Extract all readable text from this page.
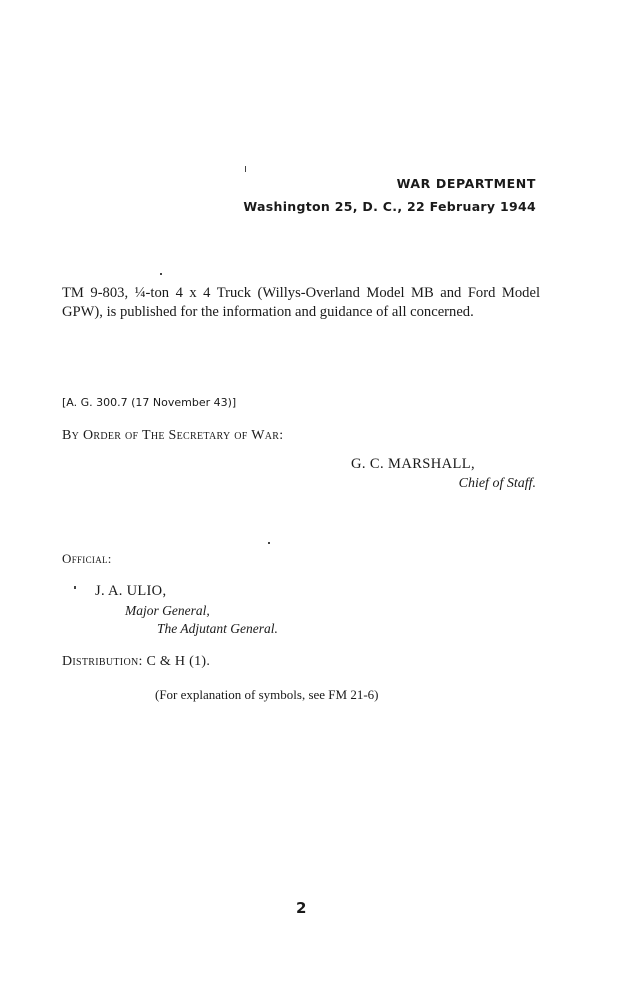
WAR DEPARTMENT
Washington 25, D. C., 22 February 1944
TM 9-803, ¼-ton 4 x 4 Truck (Willys-Overland Model MB and Ford Model GPW), is published for the information and guidance of all concerned.
[A. G. 300.7 (17 November 43)]
By Order of The Secretary of War:
G. C. MARSHALL,
Chief of Staff.
Official:
J. A. ULIO,
Major General,
The Adjutant General.
Distribution: C & H (1).
(For explanation of symbols, see FM 21-6)
2
